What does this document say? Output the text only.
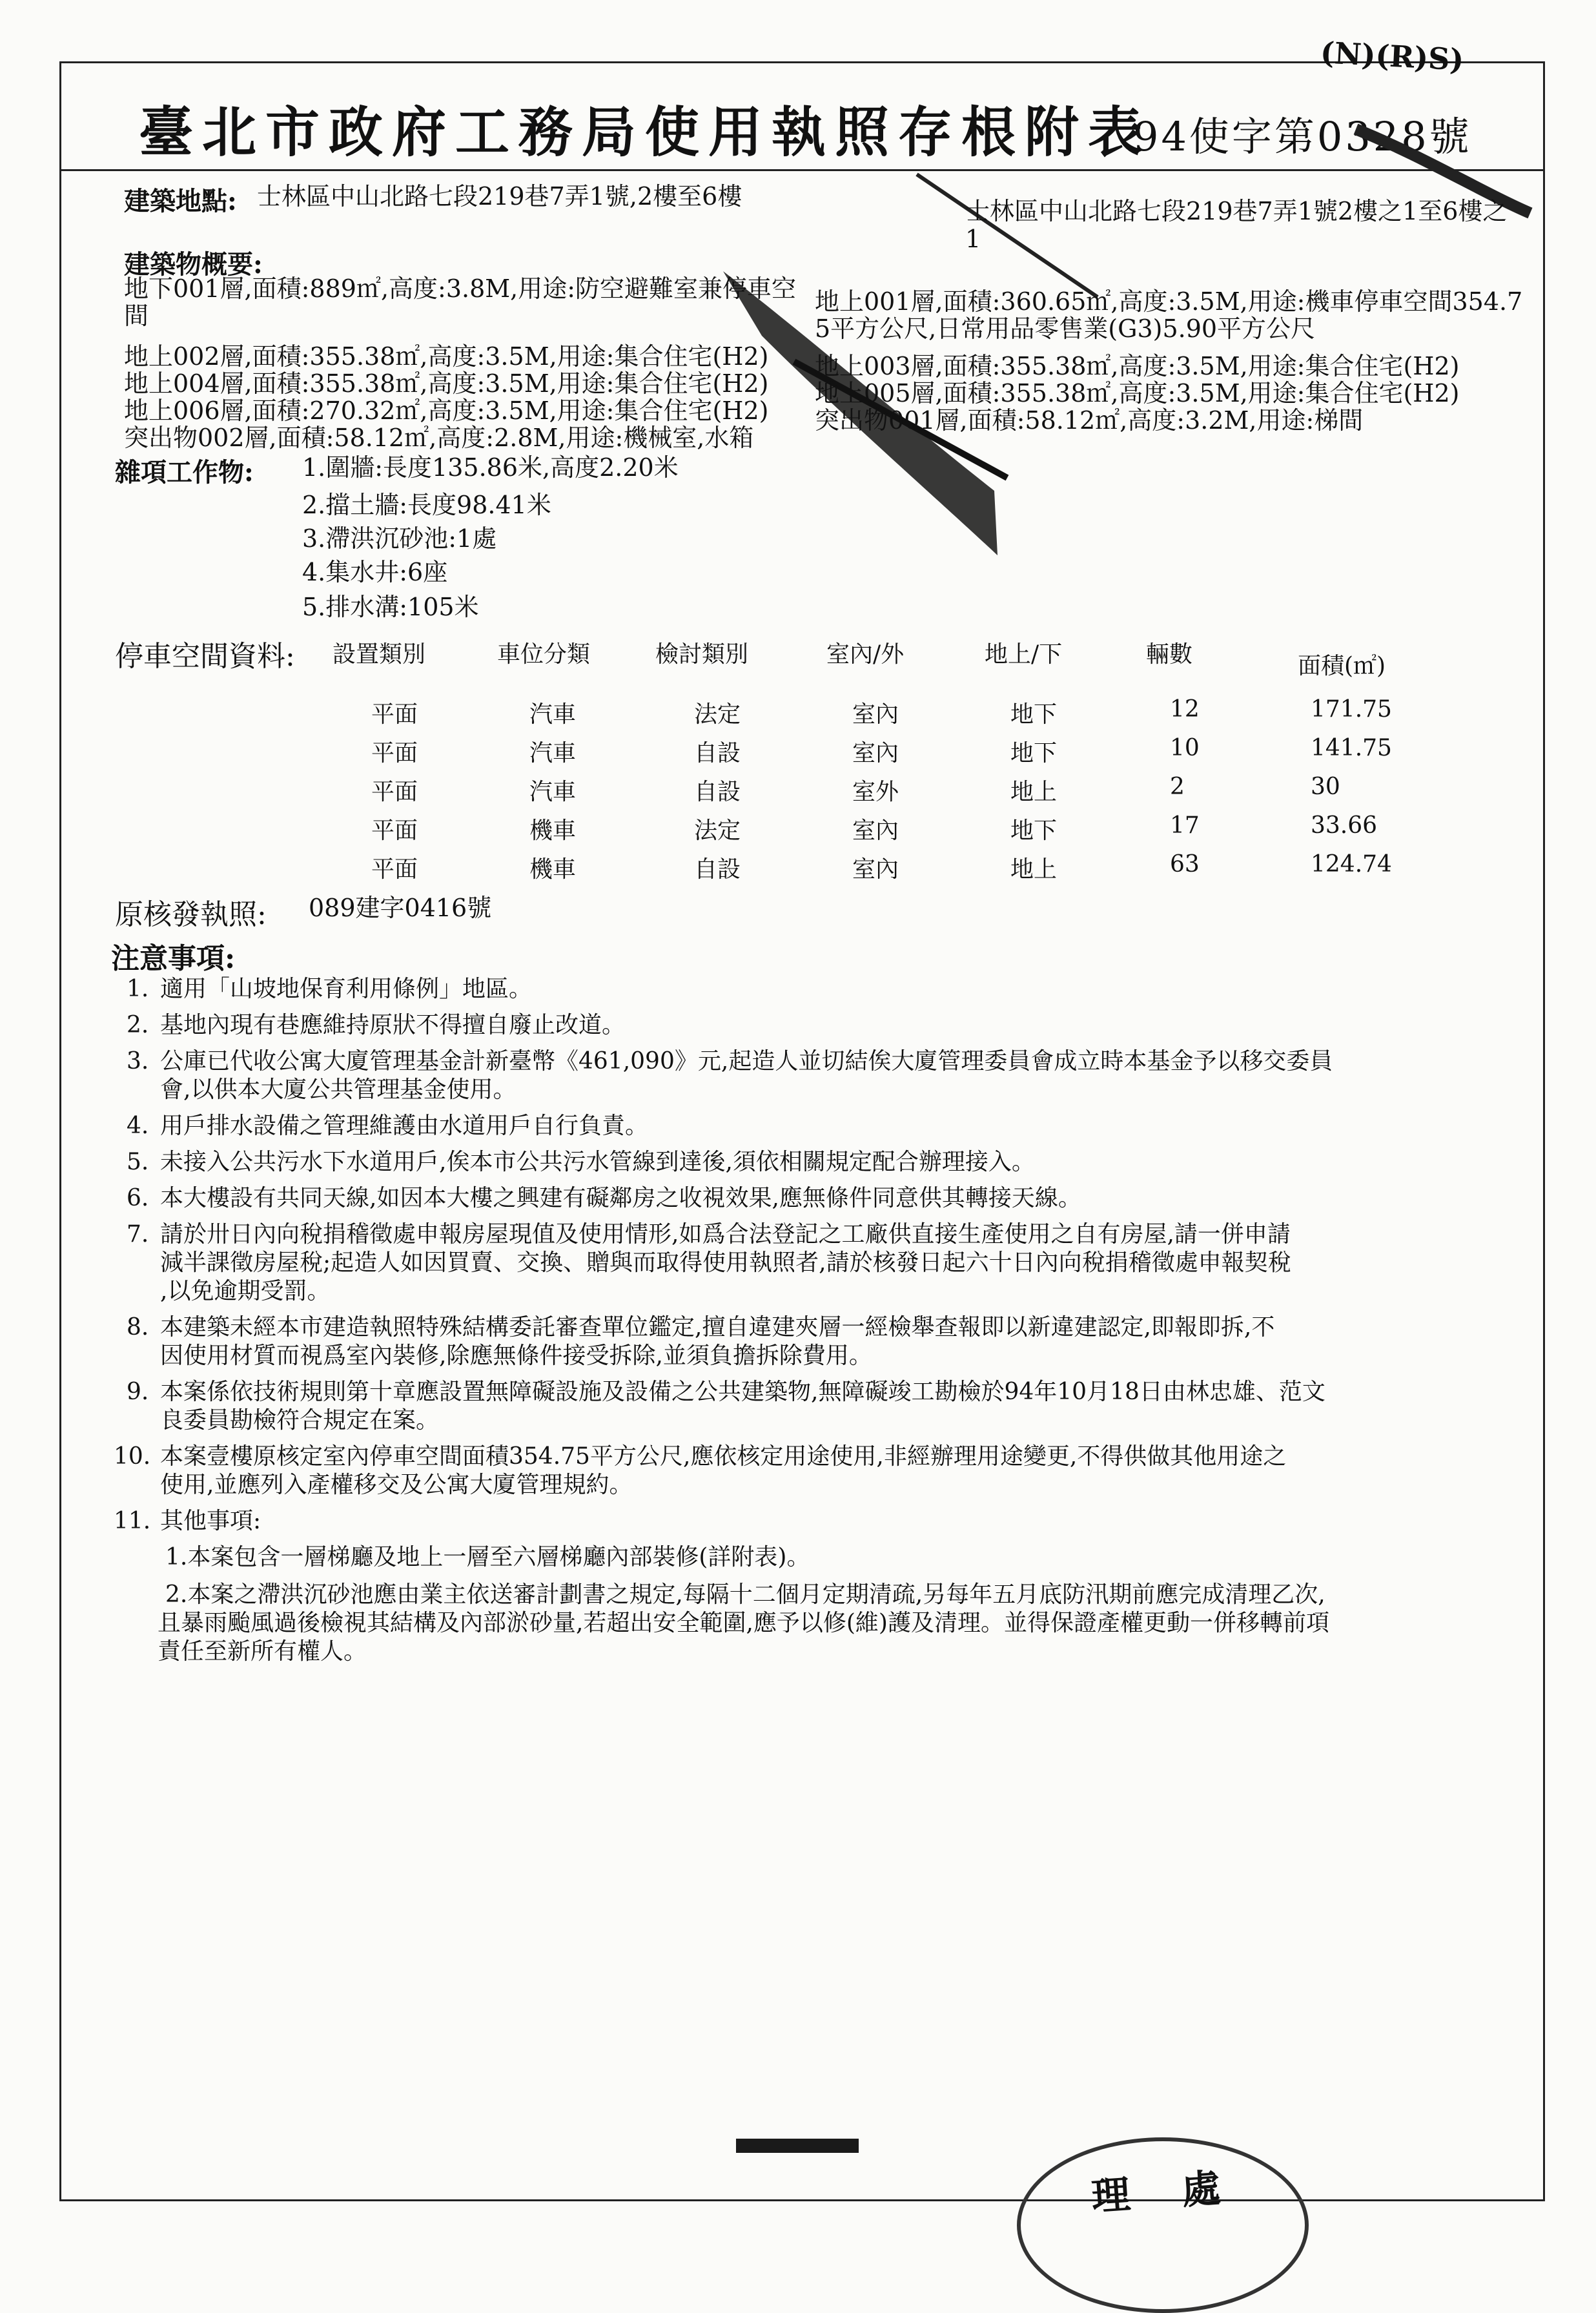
(N)(R)S)
臺北市政府工務局使用執照存根附表
94使字第0328號
建築地點: 士林區中山北路七段219巷7弄1號,2樓至6樓
士林區中山北路七段219巷7弄1號2樓之1至6樓之
1
建築物概要:
地下001層,面積:889㎡,高度:3.8M,用途:防空避難室兼停車空
間
地上002層,面積:355.38㎡,高度:3.5M,用途:集合住宅(H2)
地上004層,面積:355.38㎡,高度:3.5M,用途:集合住宅(H2)
地上006層,面積:270.32㎡,高度:3.5M,用途:集合住宅(H2)
突出物002層,面積:58.12㎡,高度:2.8M,用途:機械室,水箱
地上001層,面積:360.65㎡,高度:3.5M,用途:機車停車空間354.7
5平方公尺,日常用品零售業(G3)5.90平方公尺
地上003層,面積:355.38㎡,高度:3.5M,用途:集合住宅(H2)
地上005層,面積:355.38㎡,高度:3.5M,用途:集合住宅(H2)
突出物001層,面積:58.12㎡,高度:3.2M,用途:梯間
雜項工作物: 1.圍牆:長度135.86米,高度2.20米
2.擋土牆:長度98.41米
3.滯洪沉砂池:1處
4.集水井:6座
5.排水溝:105米
停車空間資料: 設置類別	車位分類	檢討類別	室內/外	地上/下	輛數	面積(㎡)
平面	汽車	法定	室內	地下	12	171.75
平面	汽車	自設	室內	地下	10	141.75
平面	汽車	自設	室外	地上	2	30
平面	機車	法定	室內	地下	17	33.66
平面	機車	自設	室內	地上	63	124.74
原核發執照: 089建字0416號
注意事項:
1. 適用「山坡地保育利用條例」地區。
2. 基地內現有巷應維持原狀不得擅自廢止改道。
3. 公庫已代收公寓大廈管理基金計新臺幣《461,090》元,起造人並切結俟大廈管理委員會成立時本基金予以移交委員
會,以供本大廈公共管理基金使用。
4. 用戶排水設備之管理維護由水道用戶自行負責。
5. 未接入公共污水下水道用戶,俟本市公共污水管線到達後,須依相關規定配合辦理接入。
6. 本大樓設有共同天線,如因本大樓之興建有礙鄰房之收視效果,應無條件同意供其轉接天線。
7. 請於卅日內向稅捐稽徵處申報房屋現值及使用情形,如爲合法登記之工廠供直接生產使用之自有房屋,請一併申請
減半課徵房屋稅;起造人如因買賣、交換、贈與而取得使用執照者,請於核發日起六十日內向稅捐稽徵處申報契稅
,以免逾期受罰。
8. 本建築未經本市建造執照特殊結構委託審查單位鑑定,擅自違建夾層一經檢舉查報即以新違建認定,即報即拆,不
因使用材質而視爲室內裝修,除應無條件接受拆除,並須負擔拆除費用。
9. 本案係依技術規則第十章應設置無障礙設施及設備之公共建築物,無障礙竣工勘檢於94年10月18日由林忠雄、范文
良委員勘檢符合規定在案。
10. 本案壹樓原核定室內停車空間面積354.75平方公尺,應依核定用途使用,非經辦理用途變更,不得供做其他用途之
使用,並應列入產權移交及公寓大廈管理規約。
11. 其他事項:
1.本案包含一層梯廳及地上一層至六層梯廳內部裝修(詳附表)。
2.本案之滯洪沉砂池應由業主依送審計劃書之規定,每隔十二個月定期清疏,另每年五月底防汛期前應完成清理乙次,
且暴雨颱風過後檢視其結構及內部淤砂量,若超出安全範圍,應予以修(維)護及清理。並得保證產權更動一併移轉前項
責任至新所有權人。
理處
